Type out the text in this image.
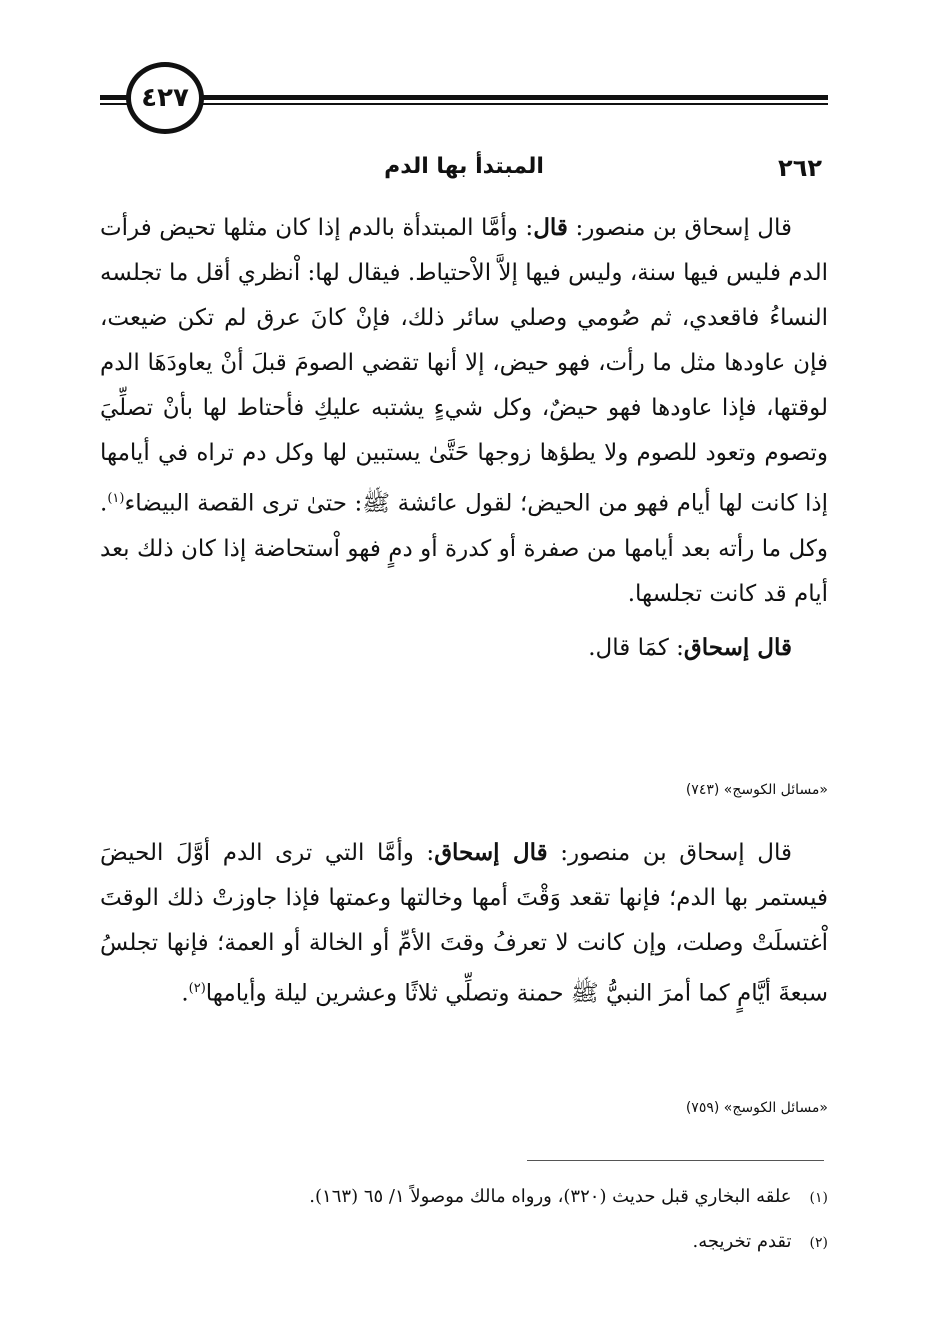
٤٢٧
٢٦٢
المبتدأ بها الدم

قال إسحاق بن منصور: قال: وأمَّا المبتدأة بالدم إذا كان مثلها تحيض فرأت الدم فليس فيها سنة، وليس فيها إلاَّ الاْحتياط. فيقال لها: اْنظري أقل ما تجلسه النساءُ فاقعدي، ثم صُومي وصلي سائر ذلك، فإنْ كانَ عرق لم تكن ضيعت، فإن عاودها مثل ما رأت، فهو حيض، إلا أنها تقضي الصومَ قبلَ أنْ يعاودَهَا الدم لوقتها، فإذا عاودها فهو حيضٌ، وكل شيءٍ يشتبه عليكِ فأحتاط لها بأنْ تصلِّيَ وتصوم وتعود للصوم ولا يطؤها زوجها حَتَّىٰ يستبين لها وكل دم تراه في أيامها إذا كانت لها أيام فهو من الحيض؛ لقول عائشة ﷺ: حتىٰ ترى القصة البيضاء$^{(١)}$. وكل ما رأته بعد أيامها من صفرة أو كدرة أو دمٍ فهو اْستحاضة إذا كان ذلك بعد أيام قد كانت تجلسها.

قال إسحاق: كمَا قال.

«مسائل الكوسج» (٧٤٣)

قال إسحاق بن منصور: قال إسحاق: وأمَّا التي ترى الدم أوَّلَ الحيضَ فيستمر بها الدم؛ فإنها تقعد وَقْتَ أمها وخالتها وعمتها فإذا جاوزتْ ذلك الوقتَ اْغتسلَتْ وصلت، وإن كانت لا تعرفُ وقتَ الأمِّ أو الخالة أو العمة؛ فإنها تجلسُ سبعةَ أيَّامٍ كما أمرَ النبيُّ ﷺ حمنة وتصلِّي ثلاثًا وعشرين ليلة وأيامها$^{(٢)}$.

«مسائل الكوسج» (٧٥٩)
(١)علقه البخاري قبل حديث (٣٢٠)، ورواه مالك موصولاً ١/ ٦٥ (١٦٣).
(٢)تقدم تخريجه.
